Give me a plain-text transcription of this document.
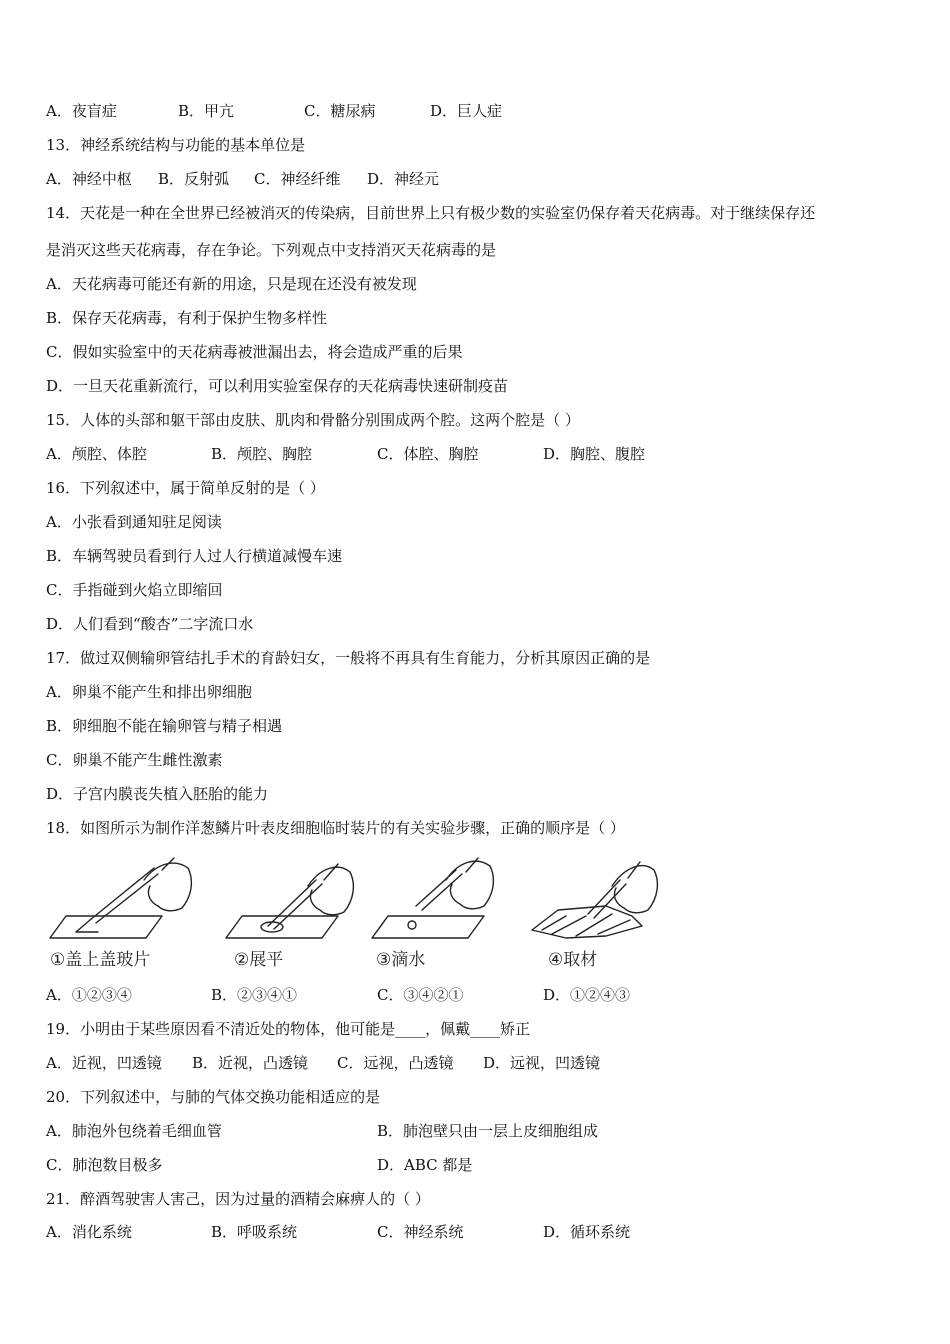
A．夜盲症	B．甲亢	C．糖尿病	D．巨人症
13．神经系统结构与功能的基本单位是
A．神经中枢 B．反射弧 C．神经纤维 D．神经元
14．天花是一种在全世界已经被消灭的传染病，目前世界上只有极少数的实验室仍保存着天花病毒。对于继续保存还
是消灭这些天花病毒，存在争论。下列观点中支持消灭天花病毒的是
A．天花病毒可能还有新的用途，只是现在还没有被发现
B．保存天花病毒，有利于保护生物多样性
C．假如实验室中的天花病毒被泄漏出去，将会造成严重的后果
D．一旦天花重新流行，可以利用实验室保存的天花病毒快速研制疫苗
15．人体的头部和躯干部由皮肤、肌肉和骨骼分别围成两个腔。这两个腔是（ ）
A．颅腔、体腔	B．颅腔、胸腔	C．体腔、胸腔	D．胸腔、腹腔
16．下列叙述中，属于简单反射的是（ ）
A．小张看到通知驻足阅读
B．车辆驾驶员看到行人过人行横道减慢车速
C．手指碰到火焰立即缩回
D．人们看到“酸杏”二字流口水
17．做过双侧输卵管结扎手术的育龄妇女，一般将不再具有生育能力，分析其原因正确的是
A．卵巢不能产生和排出卵细胞
B．卵细胞不能在输卵管与精子相遇
C．卵巢不能产生雌性激素
D．子宫内膜丧失植入胚胎的能力
18．如图所示为制作洋葱鳞片叶表皮细胞临时装片的有关实验步骤，正确的顺序是（ ）
①盖上盖玻片	②展平	③滴水	④取材
A．①②③④	B．②③④①	C．③④②①	D．①②④③
19．小明由于某些原因看不清近处的物体，他可能是____，佩戴____矫正
A．近视，凹透镜 B．近视，凸透镜 C．远视，凸透镜 D．远视，凹透镜
20．下列叙述中，与肺的气体交换功能相适应的是
A．肺泡外包绕着毛细血管	B．肺泡壁只由一层上皮细胞组成
C．肺泡数目极多	D．ABC 都是
21．醉酒驾驶害人害己，因为过量的酒精会麻痹人的（ ）
A．消化系统	B．呼吸系统	C．神经系统	D．循环系统
